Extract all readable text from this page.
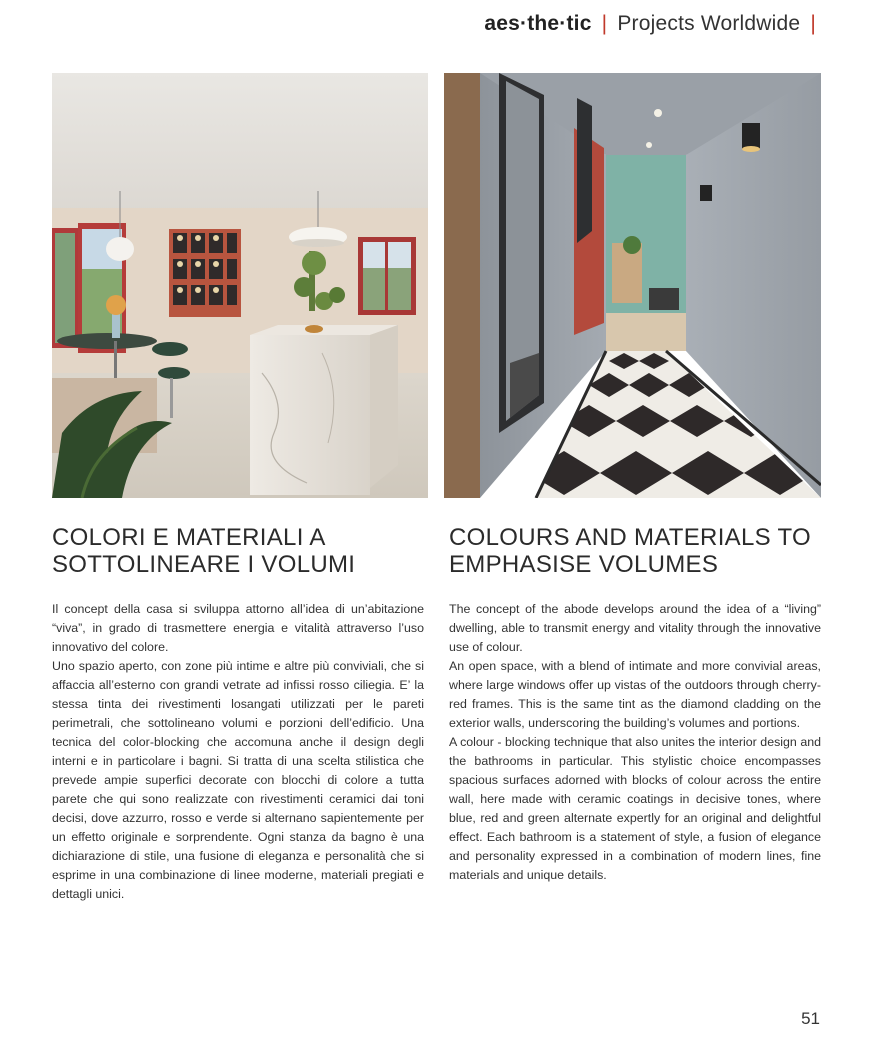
aes·the·tic | Projects Worldwide |
COLORI E MATERIALI A SOTTOLINEARE I VOLUMI

Il concept della casa si sviluppa attorno all’idea di un’abitazione “viva”, in grado di trasmettere energia e vitalità attraverso l’uso innovativo del colore.

Uno spazio aperto, con zone più intime e altre più conviviali, che si affaccia all’esterno con grandi vetrate ad infissi rosso ciliegia. E’ la stessa tinta dei rivestimenti losangati utilizzati per le pareti perimetrali, che sottolineano volumi e porzioni dell’edificio. Una tecnica del color-blocking che accomuna anche il design degli interni e in particolare i bagni. Si tratta di una scelta stilistica che prevede ampie superfici decorate con blocchi di colore a tutta parete che qui sono realizzate con rivestimenti ceramici dai toni decisi, dove azzurro, rosso e verde si alternano sapientemente per un effetto originale e sorprendente. Ogni stanza da bagno è una dichiarazione di stile, una fusione di eleganza e personalità che si esprime in una combinazione di linee moderne, materiali pregiati e dettagli unici.

COLOURS AND MATERIALS TO EMPHASISE VOLUMES

The concept of the abode develops around the idea of a “living” dwelling, able to transmit energy and vitality through the innovative use of colour.

An open space, with a blend of intimate and more convivial areas, where large windows offer up vistas of the outdoors through cherry-red frames. This is the same tint as the diamond cladding on the exterior walls, underscoring the building’s volumes and portions.

A colour - blocking technique that also unites the interior design and the bathrooms in particular. This stylistic choice encompasses spacious surfaces adorned with blocks of colour across the entire wall, here made with ceramic coatings in decisive tones, where blue, red and green alternate expertly for an original and delightful effect. Each bathroom is a statement of style, a fusion of elegance and personality expressed in a combination of modern lines, fine materials and unique details.

51
